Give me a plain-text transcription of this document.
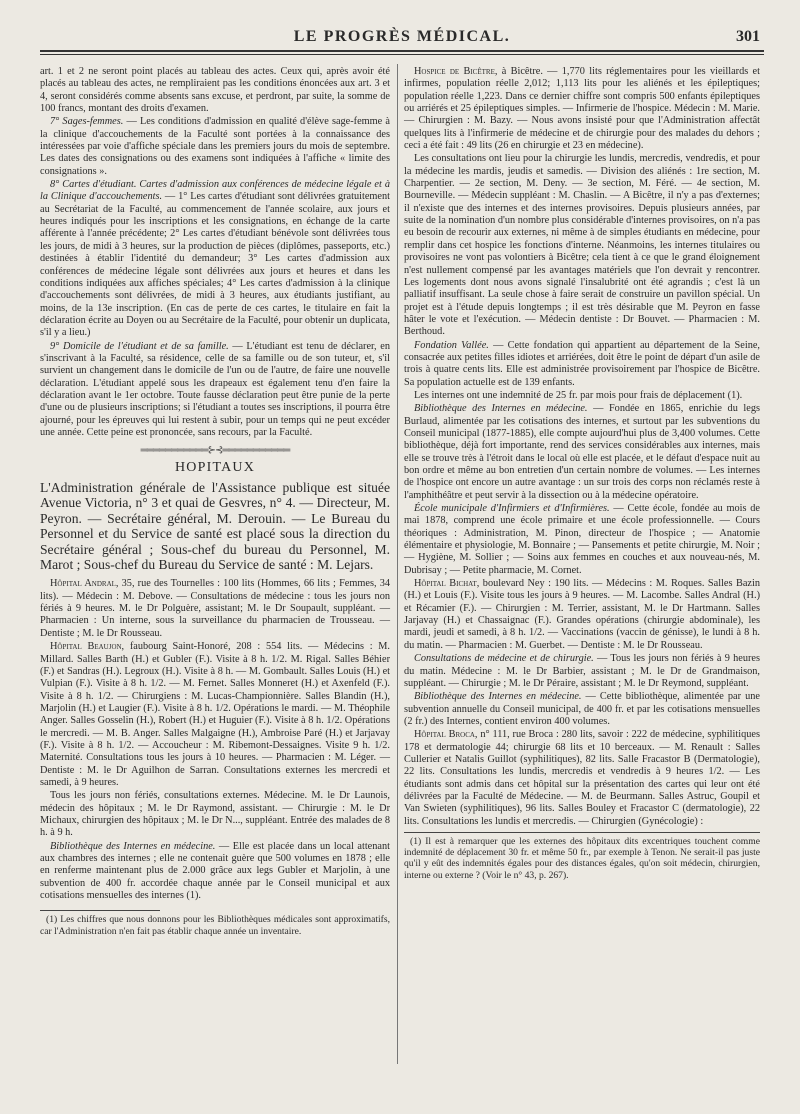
LE PROGRÈS MÉDICAL.	301

art. 1 et 2 ne seront point placés au tableau des actes. Ceux qui, après avoir été placés au tableau des actes, ne rempliraient pas les conditions énoncées aux art. 3 et 4, seront considérés comme absents sans excuse, et perdront, par suite, la somme de 100 francs, montant des droits d'examen.

7° Sages-femmes. — Les conditions d'admission en qualité d'élève sage-femme à la clinique d'accouchements de la Faculté sont portées à la connaissance des intéressées par voie d'affiche spéciale dans les premiers jours du mois de septembre. Les dates des consignations ou des examens sont indiquées à l'affiche « limite des consignations ».

8° Cartes d'étudiant. Cartes d'admission aux conférences de médecine légale et à la Clinique d'accouchements. — 1° Les cartes d'étudiant sont délivrées gratuitement au Secrétariat de la Faculté, au commencement de l'année scolaire, aux jours et heures indiqués pour les inscriptions et les consignations, en échange de la carte afférente à l'année précédente; 2° Les cartes d'étudiant bénévole sont délivrées tous les jours, de midi à 3 heures, sur la production de pièces (diplômes, passeports, etc.) destinées à établir l'identité du demandeur; 3° Les cartes d'admission aux conférences de médecine légale sont délivrées aux jours et heures et dans les conditions indiquées aux affiches spéciales; 4° Les cartes d'admission à la clinique d'accouchements sont délivrées, de midi à 3 heures, aux étudiants justifiant, au moins, de la 13e inscription. (En cas de perte de ces cartes, le titulaire en fait la déclaration écrite au Doyen ou au Secrétaire de la Faculté, pour obtenir un duplicata, s'il y a lieu.)

9° Domicile de l'étudiant et de sa famille. — L'étudiant est tenu de déclarer, en s'inscrivant à la Faculté, sa résidence, celle de sa famille ou de son tuteur, et, s'il survient un changement dans le domicile de l'un ou de l'autre, de faire une nouvelle déclaration. L'étudiant appelé sous les drapeaux est également tenu d'en faire la déclaration avant le 1er octobre. Toute fausse déclaration peut être punie de la perte d'une ou de plusieurs inscriptions; si l'étudiant a toutes ses inscriptions, il pourra être ajourné, pour les épreuves qui lui restent à subir, pour un temps qui ne peut excéder une année. Cette peine est prononcée, sans recours, par la Faculté.

═══════════⊱⊰═══════════
HOPITAUX

L'Administration générale de l'Assistance publique est située Avenue Victoria, n° 3 et quai de Gesvres, n° 4. — Directeur, M. Peyron. — Secrétaire général, M. Derouin. — Le Bureau du Personnel et du Service de santé est placé sous la direction du Secrétaire général ; Sous-chef du bureau du Personnel, M. Marot ; Sous-chef du Bureau du Service de santé : M. Lejars.

Hôpital Andral, 35, rue des Tournelles : 100 lits (Hommes, 66 lits ; Femmes, 34 lits). — Médecin : M. Debove. — Consultations de médecine : tous les jours non fériés à 9 heures. M. le Dr Polguère, assistant; M. le Dr Soupault, suppléant. — Pharmacien : Un interne, sous la surveillance du pharmacien de Trousseau. — Dentiste ; M. le Dr Rousseau.

Hôpital Beaujon, faubourg Saint-Honoré, 208 : 554 lits. — Médecins : M. Millard. Salles Barth (H.) et Gubler (F.). Visite à 8 h. 1/2. M. Rigal. Salles Béhier (F.) et Sandras (H.). Legroux (H.). Visite à 8 h. — M. Gombault. Salles Louis (H.) et Vulpian (F.). Visite à 8 h. 1/2. — M. Fernet. Salles Monneret (H.) et Axenfeld (F.). Visite à 8 h. 1/2. — Chirurgiens : M. Lucas-Championnière. Salles Blandin (H.), Marjolin (H.) et Laugier (F.). Visite à 8 h. 1/2. Opérations le mardi. — M. Théophile Anger. Salles Gosselin (H.), Robert (H.) et Huguier (F.). Visite à 8 h. 1/2. Opérations le mercredi. — M. B. Anger. Salles Malgaigne (H.), Ambroise Paré (H.) et Jarjavay (F.). Visite à 8 h. 1/2. — Accoucheur : M. Ribemont-Dessaignes. Visite 9 h. 1/2. Maternité. Consultations tous les jours à 10 heures. — Pharmacien : M. Léger. — Dentiste : M. le Dr Aguilhon de Sarran. Consultations externes les mercredi et samedi, à 9 heures.

Tous les jours non fériés, consultations externes. Médecine. M. le Dr Launois, médecin des hôpitaux ; M. le Dr Raymond, assistant. — Chirurgie : M. le Dr Michaux, chirurgien des hôpitaux ; M. le Dr N..., suppléant. Entrée des malades de 8 h. à 9 h.

Bibliothèque des Internes en médecine. — Elle est placée dans un local attenant aux chambres des internes ; elle ne contenait guère que 500 volumes en 1878 ; elle en renferme maintenant plus de 2.000 grâce aux legs Gubler et Marjolin, à une subvention de 400 fr. accordée chaque année par le Conseil municipal et aux cotisations mensuelles des internes (1).

(1) Les chiffres que nous donnons pour les Bibliothèques médicales sont approximatifs, car l'Administration n'en fait pas établir chaque année un inventaire.

Hospice de Bicêtre, à Bicêtre. — 1,770 lits réglementaires pour les vieillards et infirmes, population réelle 2,012; 1,113 lits pour les aliénés et les épileptiques; population réelle 1,223. Dans ce dernier chiffre sont compris 500 enfants épileptiques ou arriérés et 25 épileptiques simples. — Infirmerie de l'hospice. Médecin : M. Marie. — Chirurgien : M. Bazy. — Nous avons insisté pour que l'Administration affectât quelques lits à l'infirmerie de médecine et de chirurgie pour des malades du dehors ; ceci a été fait : 49 lits (26 en chirurgie et 23 en médecine).

Les consultations ont lieu pour la chirurgie les lundis, mercredis, vendredis, et pour la médecine les mardis, jeudis et samedis. — Division des aliénés : 1re section, M. Charpentier. — 2e section, M. Deny. — 3e section, M. Féré. — 4e section, M. Bourneville. — Médecin suppléant : M. Chaslin. — A Bicêtre, il n'y a pas d'externes; il n'existe que des internes et des internes provisoires. Depuis plusieurs années, par suite de la nomination d'un nombre plus considérable d'internes provisoires, on n'a pas eu besoin de recourir aux externes, ni même à de simples étudiants en médecine, pour remplir dans cet hospice les fonctions d'interne. Néanmoins, les internes titulaires ou provisoires ne vont pas volontiers à Bicêtre; cela tient à ce que le grand éloignement n'est nullement compensé par les avantages matériels que l'on devrait y rencontrer. Les logements dont nous avons signalé l'insalubrité ont été agrandis ; c'est là un palliatif insuffisant. La seule chose à faire serait de construire un pavillon spécial. Un projet est à l'étude depuis longtemps ; il est très désirable que M. Peyron en fasse hâter le vote et l'exécution. — Médecin dentiste : Dr Bouvet. — Pharmacien : M. Berthoud.

Fondation Vallée. — Cette fondation qui appartient au département de la Seine, consacrée aux petites filles idiotes et arriérées, doit être le point de départ d'un asile de trois à quatre cents lits. Elle est administrée provisoirement par l'hospice de Bicêtre. Sa population actuelle est de 139 enfants.

Les internes ont une indemnité de 25 fr. par mois pour frais de déplacement (1).

Bibliothèque des Internes en médecine. — Fondée en 1865, enrichie du legs Burlaud, alimentée par les cotisations des internes, et surtout par les subventions du Conseil municipal (1877-1885), elle compte aujourd'hui plus de 3,400 volumes. Cette bibliothèque, déjà fort importante, rend des services considérables aux internes, mais elle se trouve très à l'étroit dans le local où elle est placée, et le défaut d'espace nuit au bon ordre et même au bon entretien d'un certain nombre de volumes. — Les internes de l'hospice ont encore un autre avantage : un sur trois des corps non réclamés reste à l'amphithéâtre et peut servir à la dissection ou à la médecine opératoire.

École municipale d'Infirmiers et d'Infirmières. — Cette école, fondée au mois de mai 1878, comprend une école primaire et une école professionnelle. — Cours théoriques : Administration, M. Pinon, directeur de l'hospice ; — Anatomie élémentaire et physiologie, M. Bonnaire ; — Pansements et petite chirurgie, M. Noir ; — Hygiène, M. Sollier ; — Soins aux femmes en couches et aux nouveau-nés, M. Dubrisay ; — Petite pharmacie, M. Cornet.

Hôpital Bichat, boulevard Ney : 190 lits. — Médecins : M. Roques. Salles Bazin (H.) et Louis (F.). Visite tous les jours à 9 heures. — M. Lacombe. Salles Andral (H.) et Récamier (F.). — Chirurgien : M. Terrier, assistant, M. le Dr Hartmann. Salles Jarjavay (H.) et Chassaignac (F.). Grandes opérations (chirurgie abdominale), les mardi, jeudi et samedi, à 8 h. 1/2. — Vaccinations (vaccin de génisse), le lundi à 8 h. du matin. — Pharmacien : M. Guerbet. — Dentiste : M. le Dr Rousseau.

Consultations de médecine et de chirurgie. — Tous les jours non fériés à 9 heures du matin. Médecine : M. le Dr Barbier, assistant ; M. le Dr de Grandmaison, suppléant. — Chirurgie ; M. le Dr Péraire, assistant ; M. le Dr Reymond, suppléant.

Bibliothèque des Internes en médecine. — Cette bibliothèque, alimentée par une subvention annuelle du Conseil municipal, de 400 fr. et par les cotisations mensuelles (2 fr.) des Internes, contient environ 400 volumes.

Hôpital Broca, n° 111, rue Broca : 280 lits, savoir : 222 de médecine, syphilitiques 178 et dermatologie 44; chirurgie 68 lits et 10 berceaux. — M. Renault : Salles Cullerier et Natalis Guillot (syphilitiques), 82 lits. Salle Fracastor B (Dermatologie), 22 lits. Consultations les lundis, mercredis et vendredis à 9 heures 1/2. — Les étudiants sont admis dans cet hôpital sur la présentation des cartes qui leur ont été délivrées par la Faculté de Médecine. — M. de Beurmann. Salles Astruc, Goupil et Van Swieten (syphilitiques), 96 lits. Salles Bouley et Fracastor C (dermatologie), 22 lits. Consultations les lundis et mercredis. — Chirurgien (Gynécologie) :

(1) Il est à remarquer que les externes des hôpitaux dits excentriques touchent comme indemnité de déplacement 30 fr. et même 50 fr., par exemple à Tenon. Ne serait-il pas juste qu'il y eût des indemnités égales pour des distances égales, qu'on soit médecin, chirurgien, interne ou externe ? (Voir le n° 43, p. 267).
